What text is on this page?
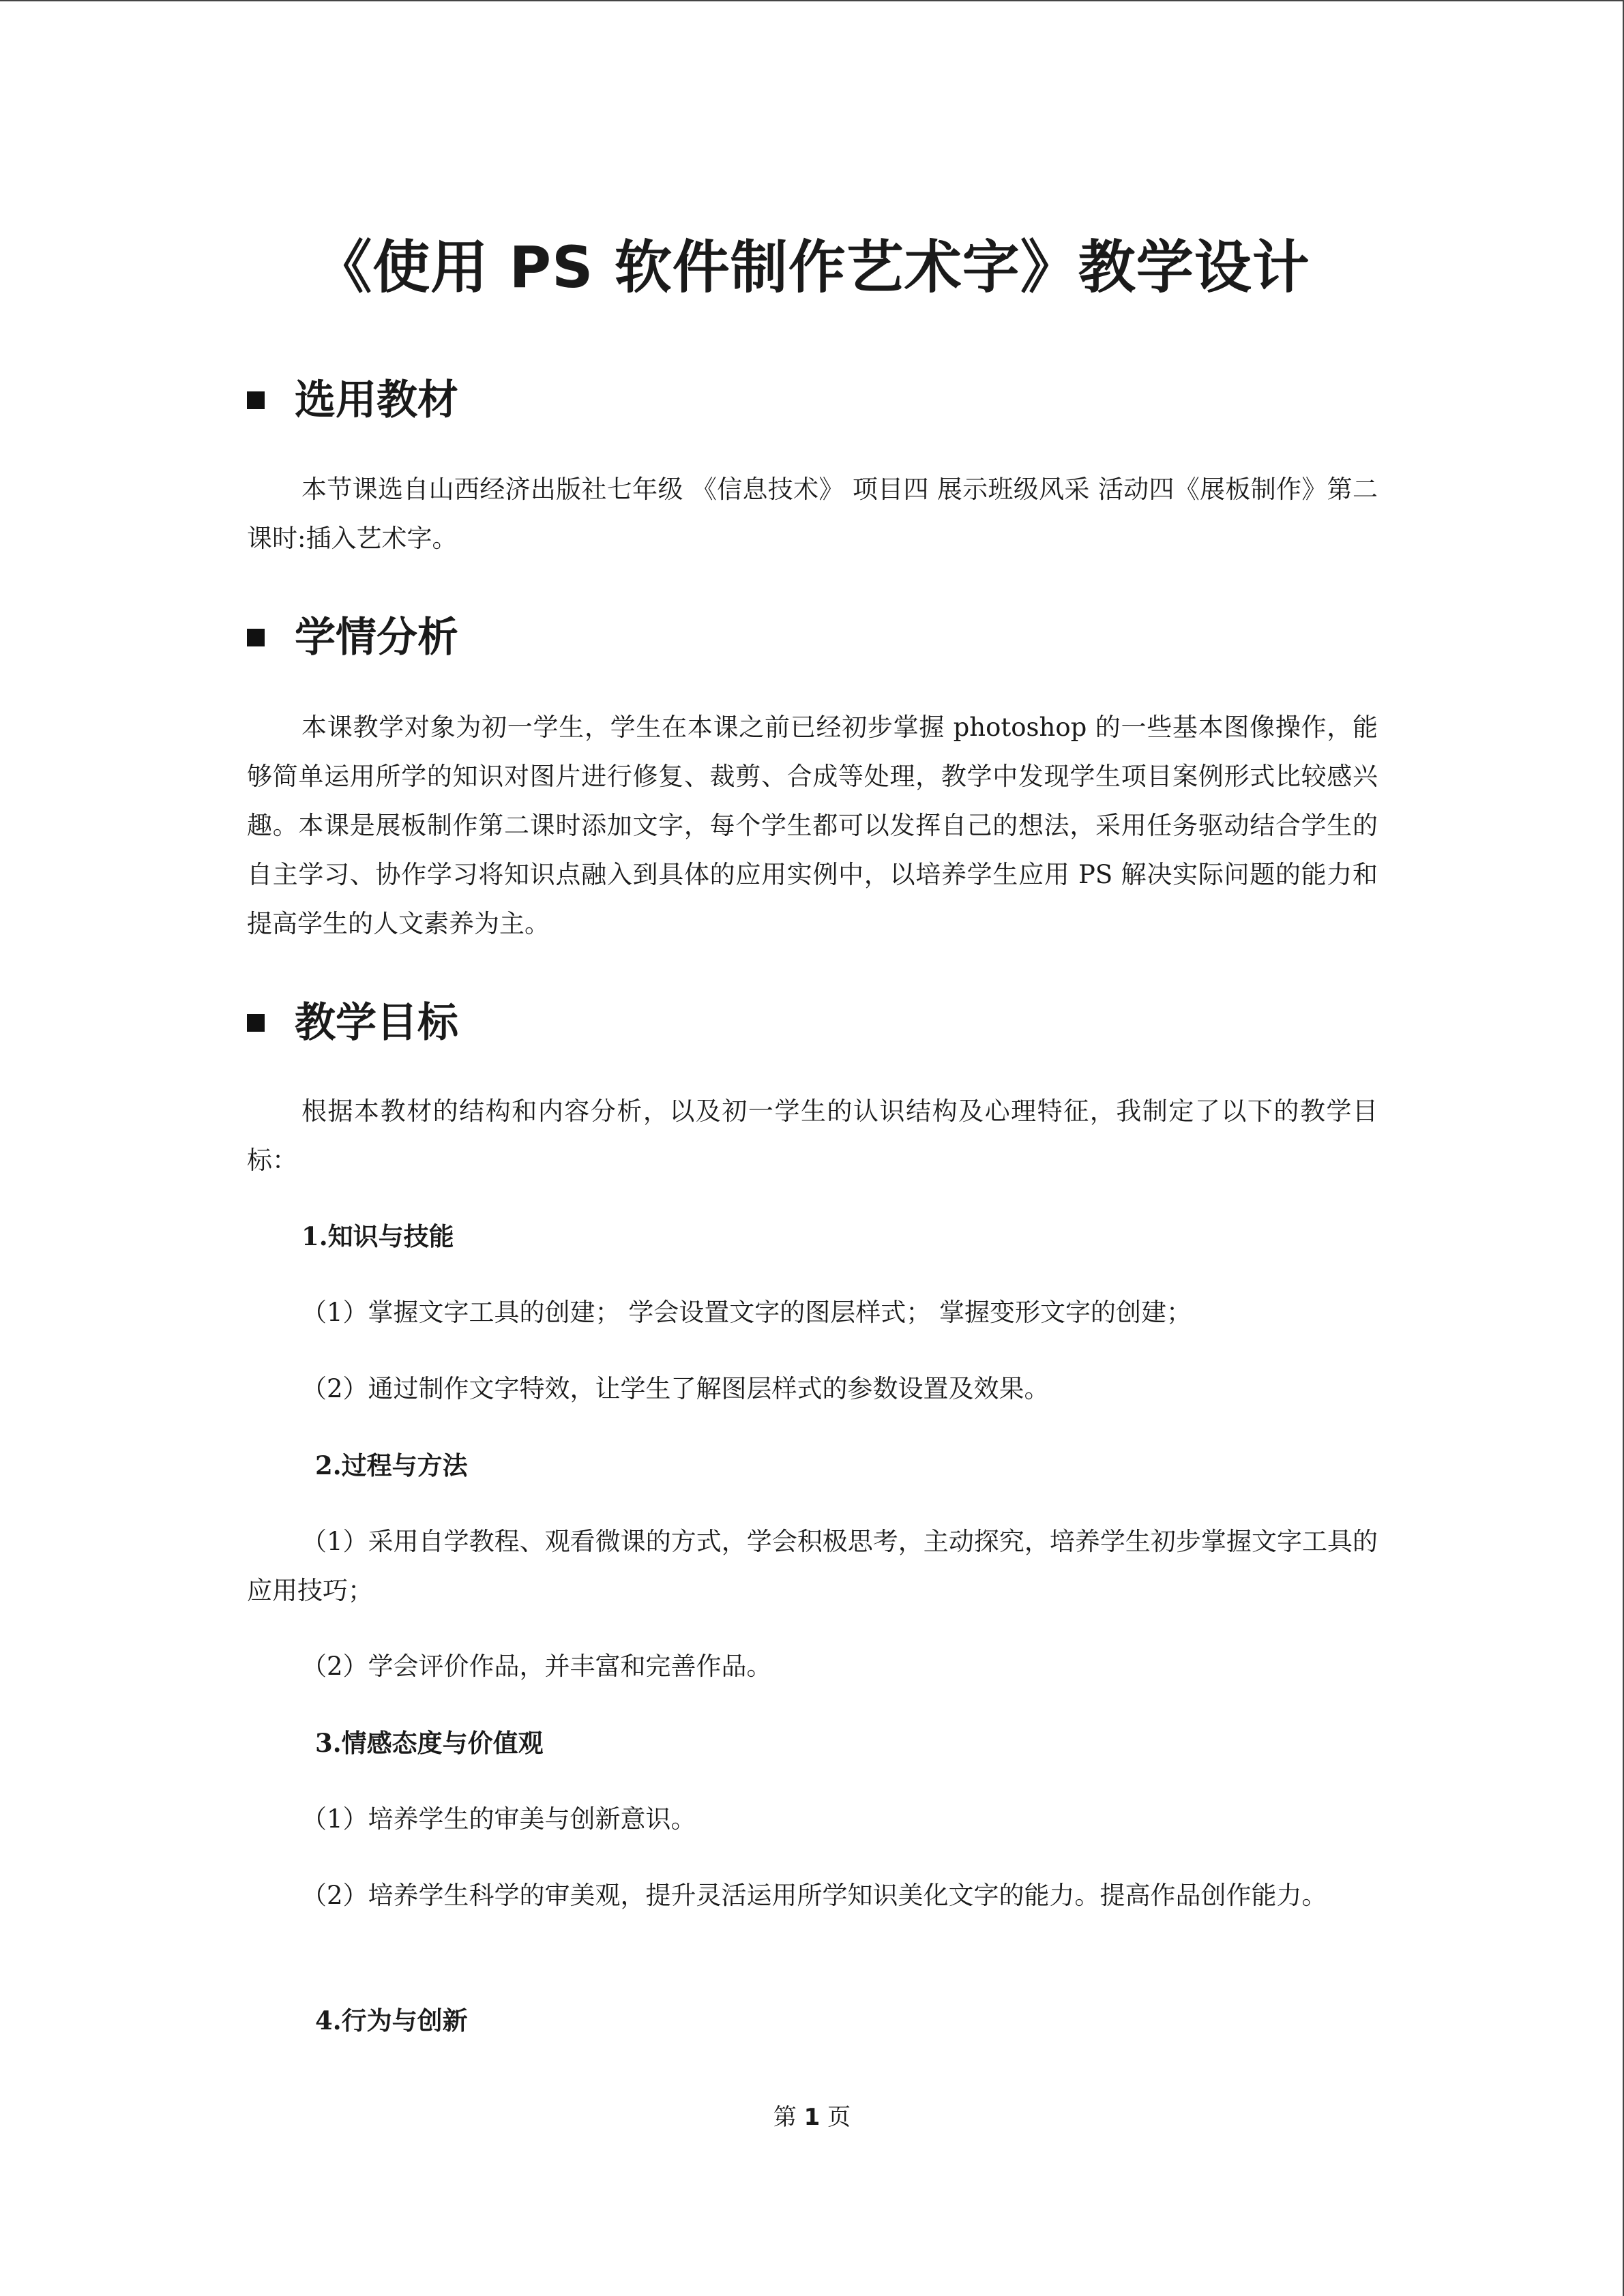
《使用 PS 软件制作艺术字》教学设计
选用教材

本节课选自山西经济出版社七年级 《信息技术》 项目四 展示班级风采 活动四《展板制作》第二课时:插入艺术字。

学情分析

本课教学对象为初一学生，学生在本课之前已经初步掌握 photoshop 的一些基本图像操作，能够简单运用所学的知识对图片进行修复、裁剪、合成等处理，教学中发现学生项目案例形式比较感兴趣。本课是展板制作第二课时添加文字，每个学生都可以发挥自己的想法，采用任务驱动结合学生的自主学习、协作学习将知识点融入到具体的应用实例中，以培养学生应用 PS 解决实际问题的能力和提高学生的人文素养为主。

教学目标

根据本教材的结构和内容分析，以及初一学生的认识结构及心理特征，我制定了以下的教学目标：

1.知识与技能

（1）掌握文字工具的创建； 学会设置文字的图层样式； 掌握变形文字的创建；

（2）通过制作文字特效，让学生了解图层样式的参数设置及效果。

2.过程与方法

（1）采用自学教程、观看微课的方式，学会积极思考，主动探究，培养学生初步掌握文字工具的应用技巧；

（2）学会评价作品，并丰富和完善作品。

3.情感态度与价值观

（1）培养学生的审美与创新意识。

（2）培养学生科学的审美观，提升灵活运用所学知识美化文字的能力。提高作品创作能力。

4.行为与创新
第 1 页
